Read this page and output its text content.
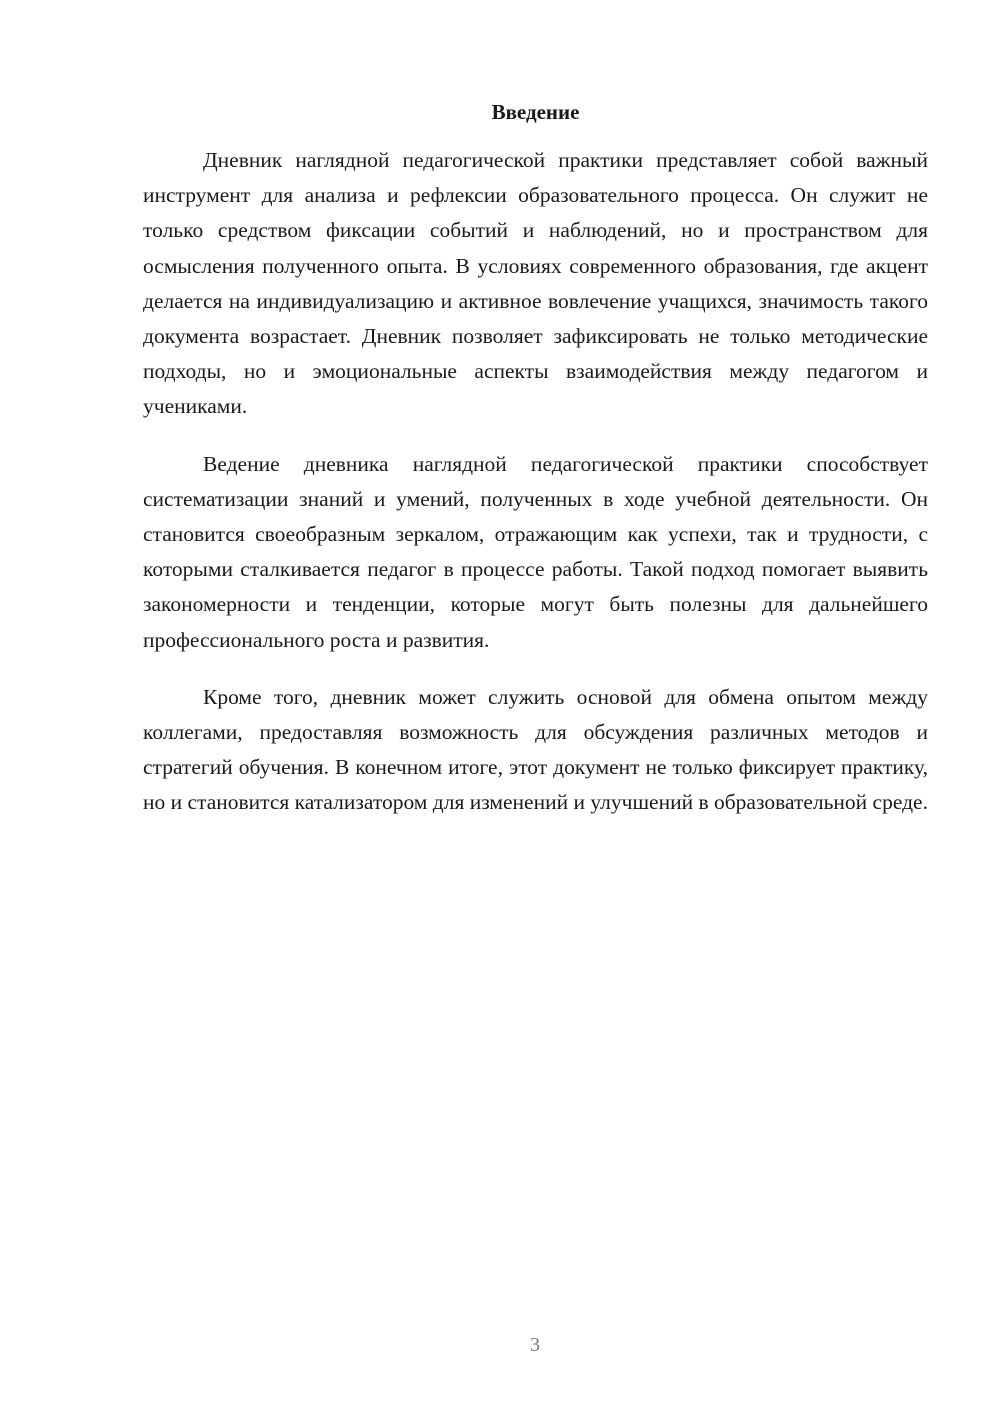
Введение

Дневник наглядной педагогической практики представляет собой важный инструмент для анализа и рефлексии образовательного процесса. Он служит не только средством фиксации событий и наблюдений, но и пространством для осмысления полученного опыта. В условиях современного образования, где акцент делается на индивидуализацию и активное вовлечение учащихся, значимость такого документа возрастает. Дневник позволяет зафиксировать не только методические подходы, но и эмоциональные аспекты взаимодействия между педагогом и учениками.

Ведение дневника наглядной педагогической практики способствует систематизации знаний и умений, полученных в ходе учебной деятельности. Он становится своеобразным зеркалом, отражающим как успехи, так и трудности, с которыми сталкивается педагог в процессе работы. Такой подход помогает выявить закономерности и тенденции, которые могут быть полезны для дальнейшего профессионального роста и развития.

Кроме того, дневник может служить основой для обмена опытом между коллегами, предоставляя возможность для обсуждения различных методов и стратегий обучения. В конечном итоге, этот документ не только фиксирует практику, но и становится катализатором для изменений и улучшений в образовательной среде.

3
